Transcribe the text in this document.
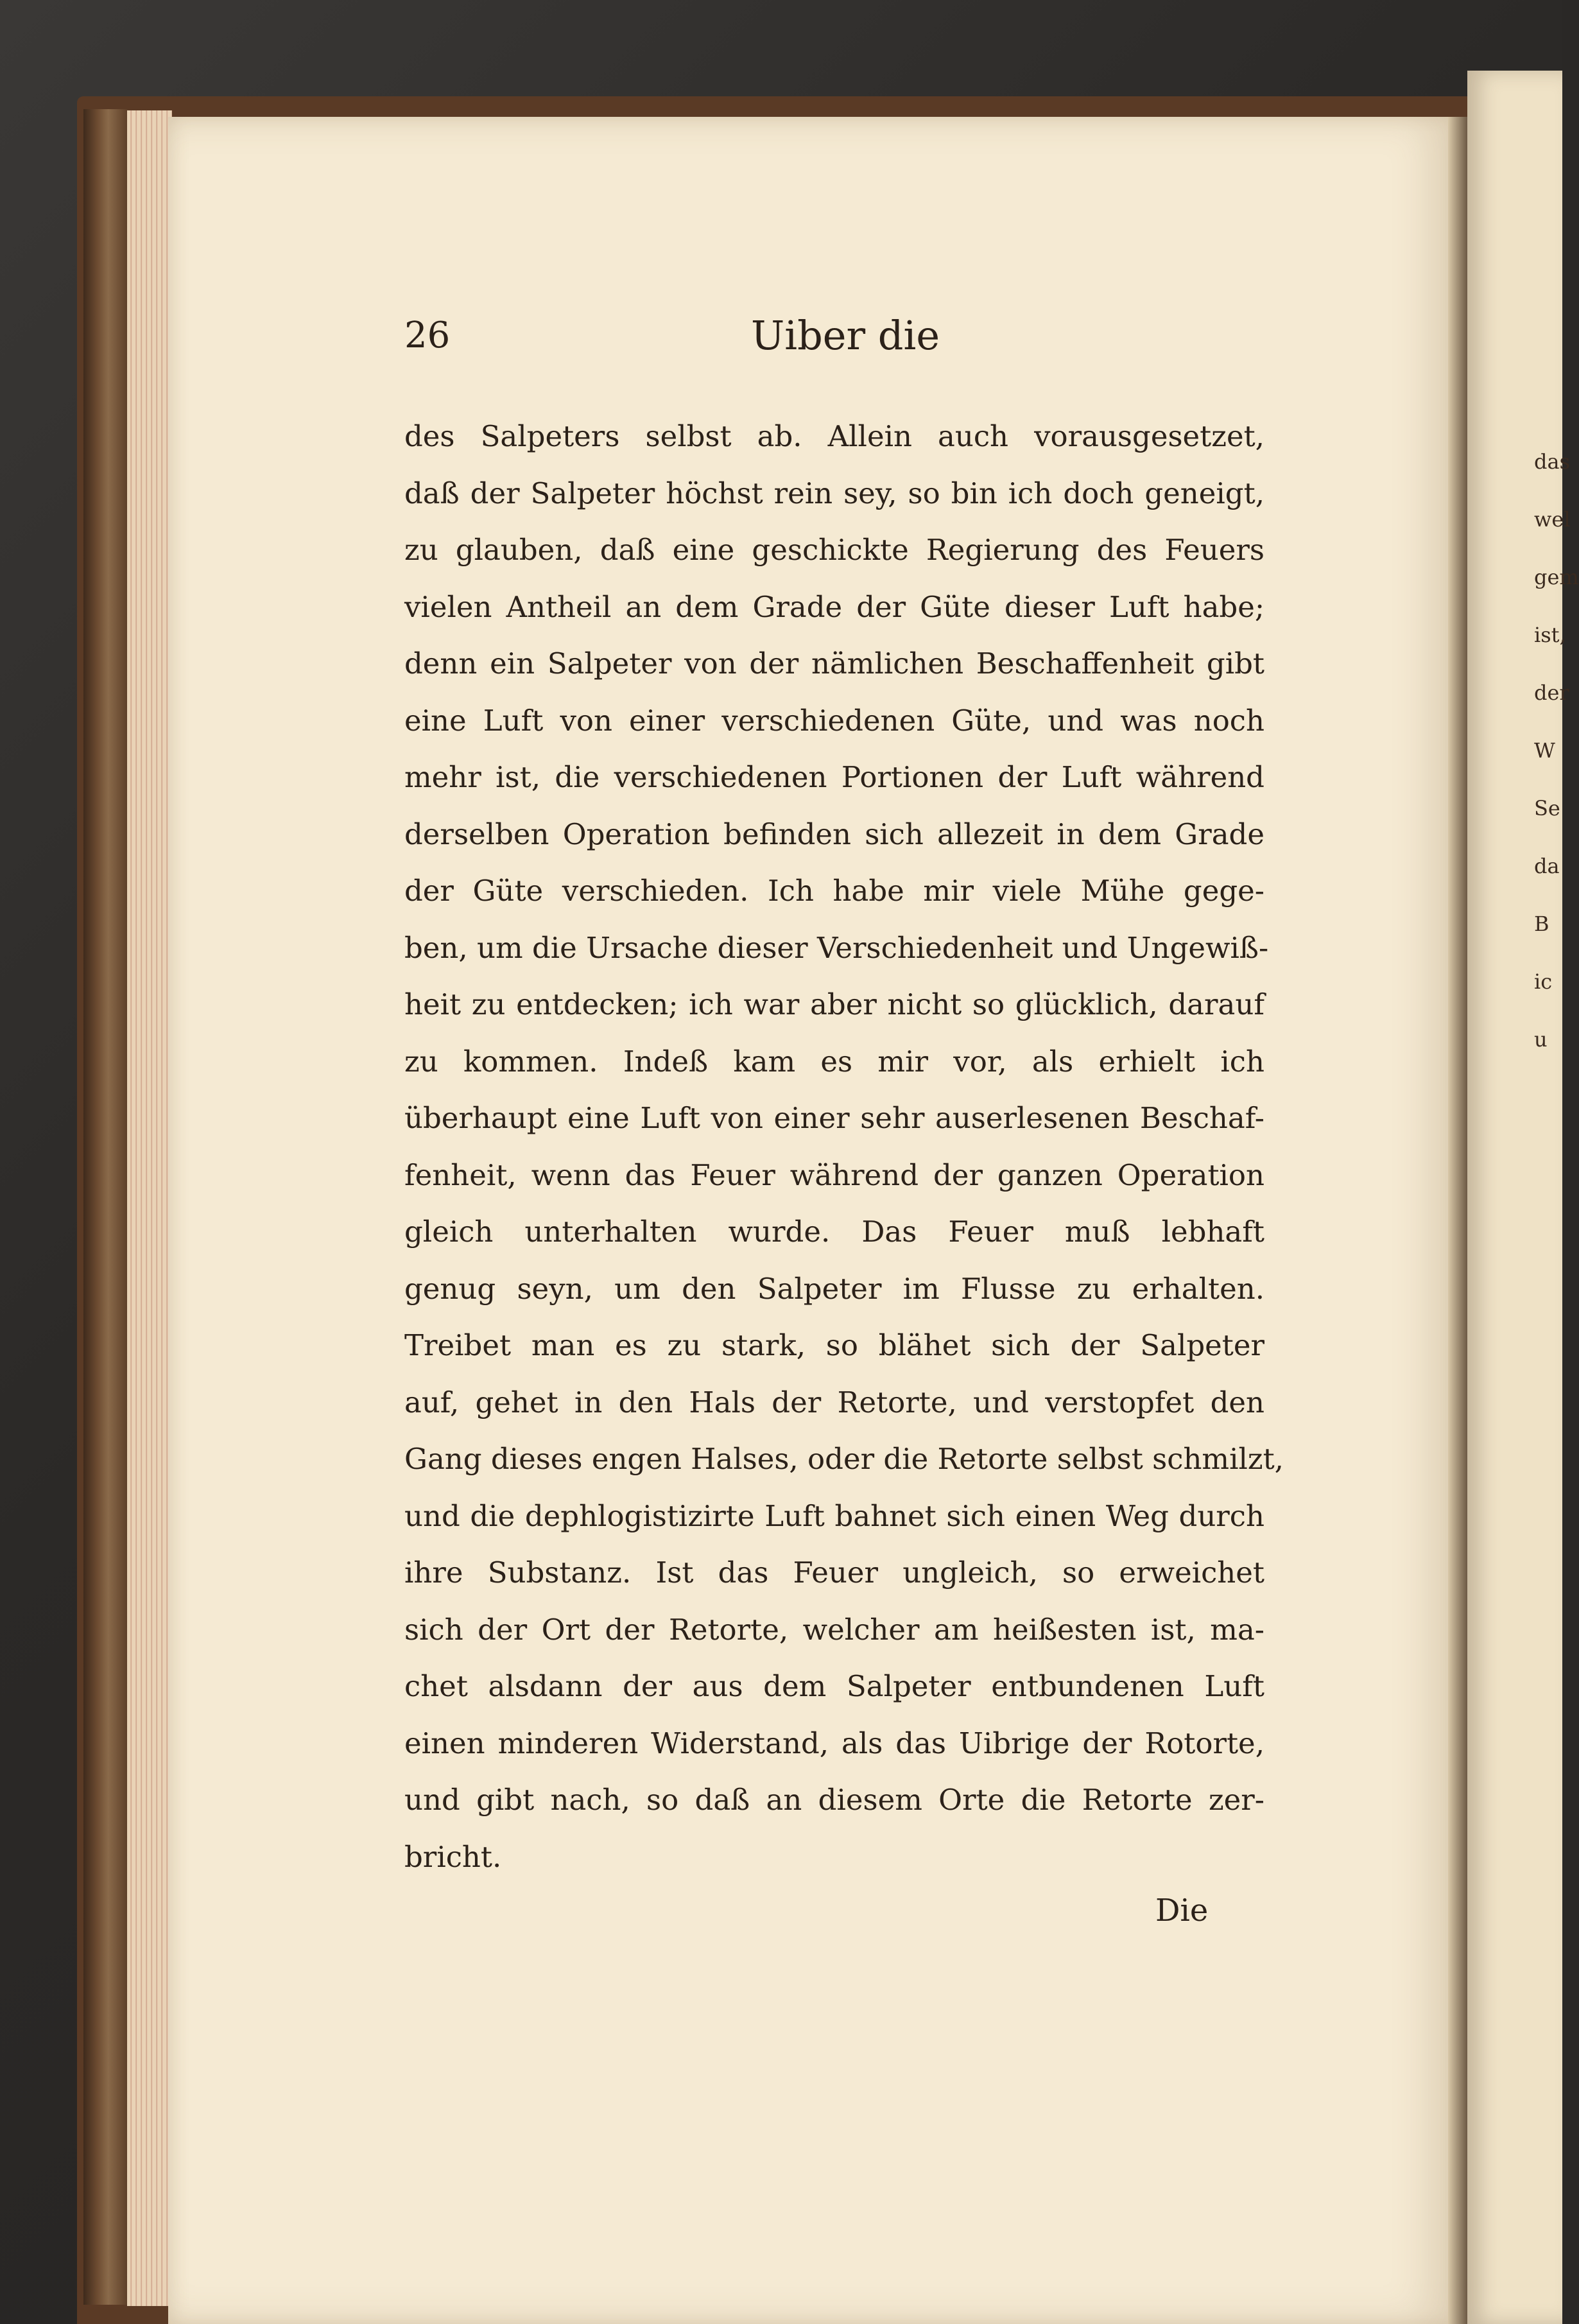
das
wel
gem
ist,
der
W
Se
da
B
ic
u
26	Uiber die
des Salpeters selbst ab. Allein auch vorausgesetzet,
daß der Salpeter höchst rein sey, so bin ich doch geneigt,
zu glauben, daß eine geschickte Regierung des Feuers
vielen Antheil an dem Grade der Güte dieser Luft habe;
denn ein Salpeter von der nämlichen Beschaffenheit gibt
eine Luft von einer verschiedenen Güte, und was noch
mehr ist, die verschiedenen Portionen der Luft während
derselben Operation befinden sich allezeit in dem Grade
der Güte verschieden. Ich habe mir viele Mühe gege-
ben, um die Ursache dieser Verschiedenheit und Ungewiß-
heit zu entdecken; ich war aber nicht so glücklich, darauf
zu kommen. Indeß kam es mir vor, als erhielt ich
überhaupt eine Luft von einer sehr auserlesenen Beschaf-
fenheit, wenn das Feuer während der ganzen Operation
gleich unterhalten wurde. Das Feuer muß lebhaft
genug seyn, um den Salpeter im Flusse zu erhalten.
Treibet man es zu stark, so blähet sich der Salpeter
auf, gehet in den Hals der Retorte, und verstopfet den
Gang dieses engen Halses, oder die Retorte selbst schmilzt,
und die dephlogistizirte Luft bahnet sich einen Weg durch
ihre Substanz. Ist das Feuer ungleich, so erweichet
sich der Ort der Retorte, welcher am heißesten ist, ma-
chet alsdann der aus dem Salpeter entbundenen Luft
einen minderen Widerstand, als das Uibrige der Rotorte,
und gibt nach, so daß an diesem Orte die Retorte zer-
bricht.
Die
